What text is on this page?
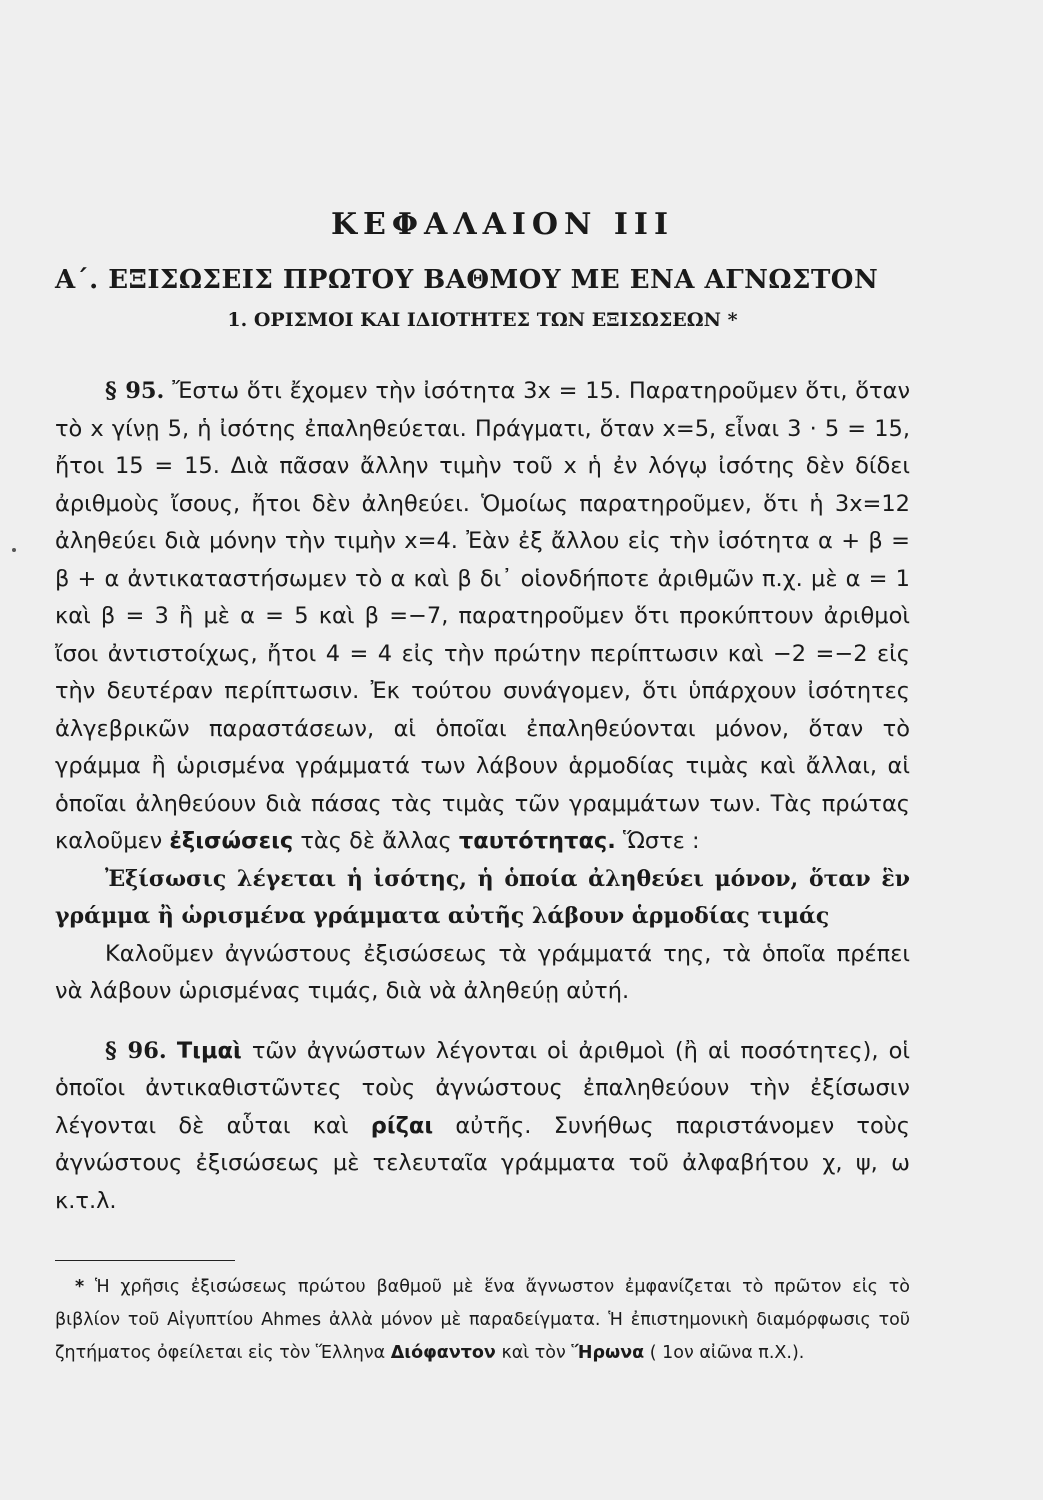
ΚΕΦΑΛΑΙΟΝ III
Α΄. ΕΞΙΣΩΣΕΙΣ ΠΡΩΤΟΥ ΒΑΘΜΟΥ ΜΕ ΕΝΑ ΑΓΝΩΣΤΟΝ
1. ΟΡΙΣΜΟΙ ΚΑΙ ΙΔΙΟΤΗΤΕΣ ΤΩΝ ΕΞΙΣΩΣΕΩΝ *

§ 95. Ἔστω ὅτι ἔχομεν τὴν ἰσότητα 3x = 15. Παρατηροῦμεν ὅτι, ὅταν τὸ x γίνῃ 5, ἡ ἰσότης ἐπαληθεύεται. Πράγματι, ὅταν x=5, εἶναι 3 · 5 = 15, ἤτοι 15 = 15. Διὰ πᾶσαν ἄλλην τιμὴν τοῦ x ἡ ἐν λόγῳ ἰσότης δὲν δίδει ἀριθμοὺς ἴσους, ἤτοι δὲν ἀληθεύει. Ὁμοίως παρατηροῦμεν, ὅτι ἡ 3x=12 ἀληθεύει διὰ μόνην τὴν τιμὴν x=4. Ἐὰν ἐξ ἄλλου εἰς τὴν ἰσότητα α + β = β + α ἀντικαταστήσωμεν τὸ α καὶ β δι᾿ οἱονδήποτε ἀριθμῶν π.χ. μὲ α = 1 καὶ β = 3 ἢ μὲ α = 5 καὶ β =−7, παρατηροῦμεν ὅτι προκύπτουν ἀριθμοὶ ἴσοι ἀντιστοίχως, ἤτοι 4 = 4 εἰς τὴν πρώτην περίπτωσιν καὶ −2 =−2 εἰς τὴν δευτέραν περίπτωσιν. Ἐκ τούτου συνάγομεν, ὅτι ὑπάρχουν ἰσότητες ἀλγεβρικῶν παραστάσεων, αἱ ὁποῖαι ἐπαληθεύονται μόνον, ὅταν τὸ γράμμα ἢ ὡρισμένα γράμματά των λάβουν ἁρμοδίας τιμὰς καὶ ἄλλαι, αἱ ὁποῖαι ἀληθεύουν διὰ πάσας τὰς τιμὰς τῶν γραμμάτων των. Τὰς πρώτας καλοῦμεν ἐξισώσεις τὰς δὲ ἄλλας ταυτότητας. Ὥστε :

Ἐξίσωσις λέγεται ἡ ἰσότης, ἡ ὁποία ἀληθεύει μόνον, ὅταν ἓν γράμμα ἢ ὡρισμένα γράμματα αὐτῆς λάβουν ἁρμοδίας τιμάς

Καλοῦμεν ἀγνώστους ἐξισώσεως τὰ γράμματά της, τὰ ὁποῖα πρέπει νὰ λάβουν ὡρισμένας τιμάς, διὰ νὰ ἀληθεύῃ αὐτή.

§ 96. Τιμαὶ τῶν ἀγνώστων λέγονται οἱ ἀριθμοὶ (ἢ αἱ ποσότητες), οἱ ὁποῖοι ἀντικαθιστῶντες τοὺς ἀγνώστους ἐπαληθεύουν τὴν ἐξίσωσιν λέγονται δὲ αὗται καὶ ρίζαι αὐτῆς. Συνήθως παριστάνομεν τοὺς ἀγνώστους ἐξισώσεως μὲ τελευταῖα γράμματα τοῦ ἀλφαβήτου χ, ψ, ω κ.τ.λ.

* Ἡ χρῆσις ἐξισώσεως πρώτου βαθμοῦ μὲ ἕνα ἄγνωστον ἐμφανίζεται τὸ πρῶτον εἰς τὸ βιβλίον τοῦ Αἰγυπτίου Ahmes ἀλλὰ μόνον μὲ παραδείγματα. Ἡ ἐπιστημονικὴ διαμόρφωσις τοῦ ζητήματος ὀφείλεται εἰς τὸν Ἕλληνα Διόφαντον καὶ τὸν Ἥρωνα ( 1ον αἰῶνα π.Χ.).
